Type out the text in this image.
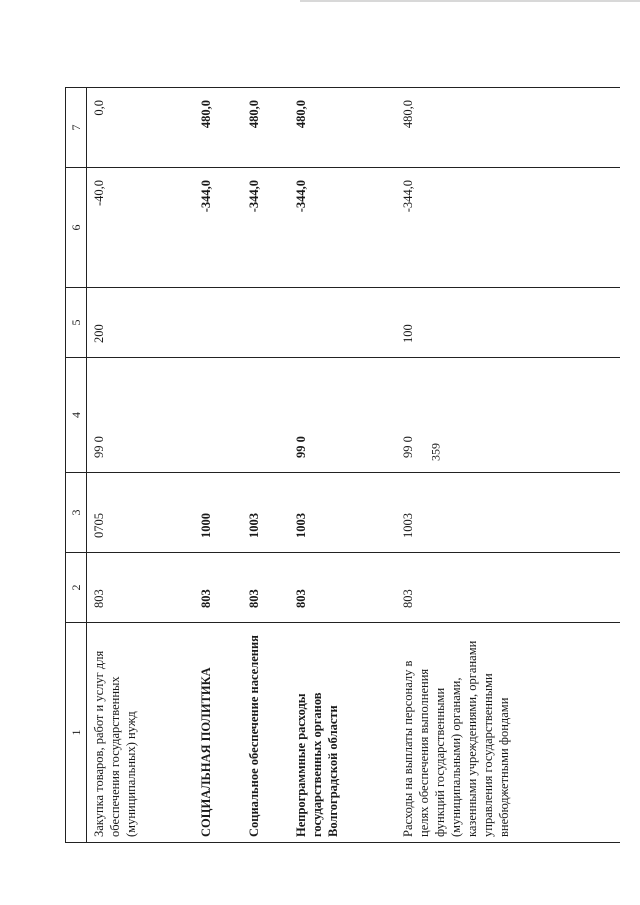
359
1	2	3	4	5	6	7
Закупка товаров, работ и услуг для обеспечения государственных (муниципальных) нужд	803	0705	99 0	200	-40,0	0,0
СОЦИАЛЬНАЯ ПОЛИТИКА	803	1000			-344,0	480,0
Социальное обеспечение населения	803	1003			-344,0	480,0
Непрограммные расходы государственных органов Волгоградской области	803	1003	99 0		-344,0	480,0
Расходы на выплаты персоналу в целях обеспечения выполнения функций государственными (муниципальными) органами, казенными учреждениями, органами управления государственными внебюджетными фондами	803	1003	99 0	100	-344,0	480,0
